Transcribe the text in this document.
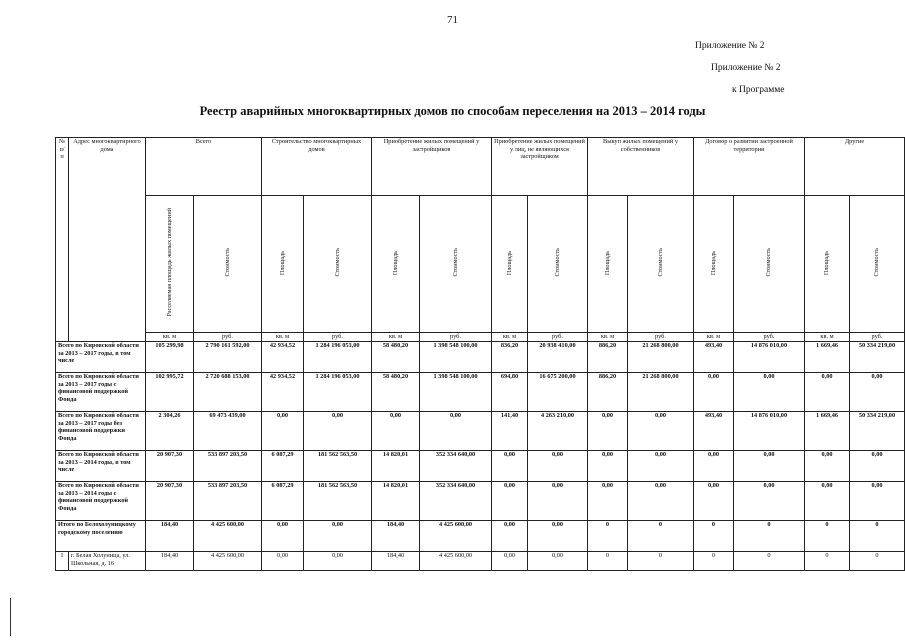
71
Приложение № 2
Приложение № 2
к Программе
Реестр аварийных многоквартирных домов по способам переселения на 2013 – 2014 годы
№ п/п	Адрес многоквартирного дома	Всего		Строительство многоквартирных домов		Приобретение жилых помещений у застройщиков		Приобретение жилых помещений у лиц, не являющихся застройщиком		Выкуп жилых помещений у собственников		Договор о развитии застроенной территории		Другие	
		Расселяемая площадь жилых помещений	Стоимость	Площадь	Стоимость	Площадь	Стоимость	Площадь	Стоимость	Площадь	Стоимость	Площадь	Стоимость	Площадь	Стоимость
		кв. м	руб.	кв. м	руб.	кв. м	руб.	кв. м	руб.	кв. м	руб.	кв. м	руб.	кв. м	руб.
Всего по Кировской области за 2013 – 2017 годы, в том числе		105 299,98	2 790 161 592,00	42 934,52	1 284 196 053,00	58 480,20	1 398 548 100,00	836,20	20 938 410,00	886,20	21 268 800,00	493,40	14 876 010,00	1 669,46	50 334 219,00
Всего по Кировской области за 2013 – 2017 годы с финансовой поддержкой Фонда		102 995,72	2 720 688 153,00	42 934,52	1 284 196 053,00	58 480,20	1 398 548 100,00	694,80	16 675 200,00	886,20	21 268 800,00	0,00	0,00	0,00	0,00
Всего по Кировской области за 2013 – 2017 годы без финансовой поддержки Фонда		2 304,26	69 473 439,00	0,00	0,00	0,00	0,00	141,40	4 263 210,00	0,00	0,00	493,40	14 876 010,00	1 669,46	50 334 219,00
Всего по Кировской области за 2013 – 2014 годы, в том числе		20 907,30	533 897 203,50	6 087,29	181 562 563,50	14 820,01	352 334 640,00	0,00	0,00	0,00	0,00	0,00	0,00	0,00	0,00
Всего по Кировской области за 2013 – 2014 годы с финансовой поддержкой Фонда		20 907,30	533 897 203,50	6 087,29	181 562 563,50	14 820,01	352 334 640,00	0,00	0,00	0,00	0,00	0,00	0,00	0,00	0,00
Итого по Белохолуницкому городскому поселению		184,40	4 425 600,00	0,00	0,00	184,40	4 425 600,00	0,00	0,00	0	0	0	0	0	0
1	г. Белая Холуница, ул. Школьная, д. 16	184,40	4 425 600,00	0,00	0,00	184,40	4 425 600,00	0,00	0,00	0	0	0	0	0	0
